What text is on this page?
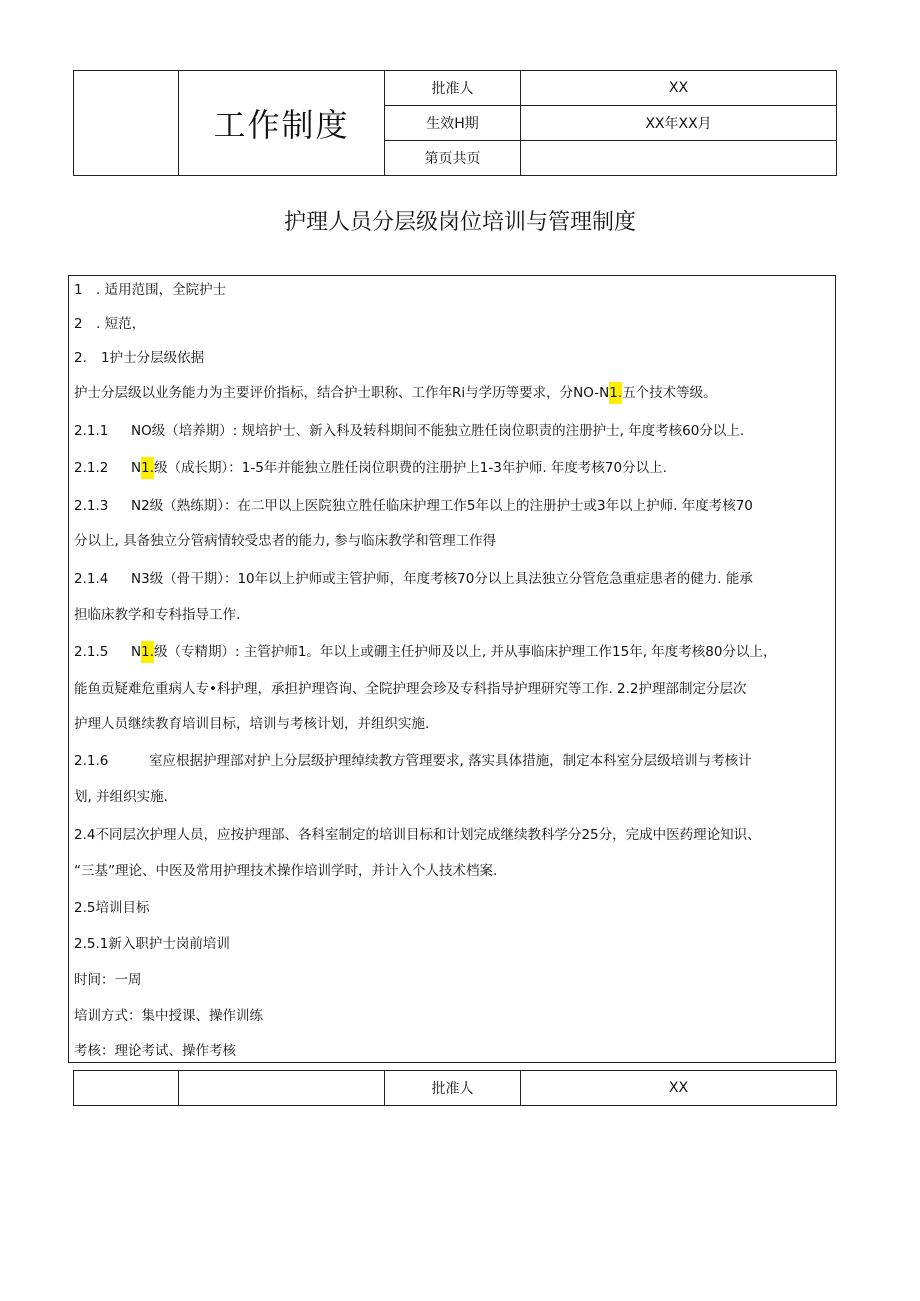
	工作制度	批准人	XX
		生效H期	XX年XX月
		第页共页	
护理人员分层级岗位培训与管理制度
1 . 适用范围，全院护士
2 . 短范，
2. 1护士分层级依据
护士分层级以业务能力为主要评价指标，结合护士职称、工作年Ri与学历等要求，分NO-N1.五个技术等级。
2.1.1 NO级（培养期）: 规培护士、新入科及转科期间不能独立胜任岗位职责的注册护士, 年度考核60分以上.
2.1.2 N1.级（成长期）：1-5年并能独立胜任岗位职费的注册护上1-3年护师. 年度考核70分以上.
2.1.3 N2级（熟练期）：在二甲以上医院独立胜任临床护理工作5年以上的注册护士或3年以上护师. 年度考核70
分以上, 具备独立分管病情较受忠者的能力, 参与临床教学和管理工作得
2.1.4 N3级（骨干期）：10年以上护师或主管护师，年度考核70分以上具法独立分管危急重症患者的健力. 能承
担临床教学和专科指导工作.
2.1.5 N1.级（专精期）: 主管护师1。年以上或硼主任护师及以上, 并从事临床护理工作15年, 年度考核80分以上，
能鱼贡疑难危重病人专•科护理，承担护理咨询、全院护理会珍及专科指导护理研究等工作. 2.2护理部制定分层次
护理人员继续教育培训目标，培训与考核计划，并组织实施.
2.1.6	室应根据护理部对护上分层级护理绰续教方管理要求, 落实具体措施，制定本科室分层级培训与考核计
划, 并组织实施.
2.4不同层次护理人员，应按护理部、各科室制定的培训目标和计划完成继续教科学分25分，完成中医药理论知识、
“三基”理论、中医及常用护理技术操作培训学时，并计入个人技术档案.
2.5培训目标
2.5.1新入职护士岗前培训
时间：一周
培训方式：集中授课、操作训练
考核：理论考试、操作考核
		批准人	XX
